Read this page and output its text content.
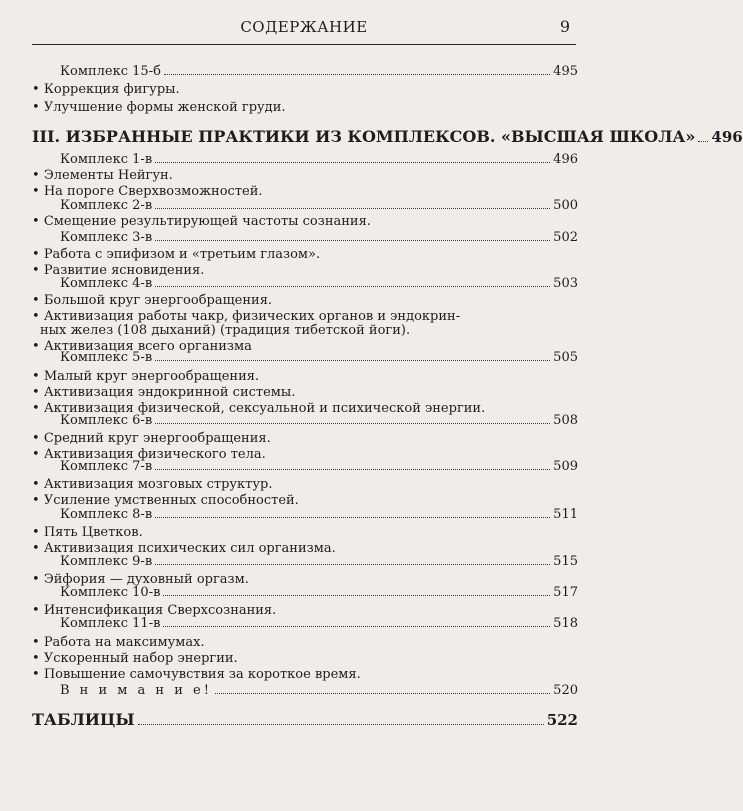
СОДЕРЖАНИЕ	9
Комплекс 15-б	495
• Коррекция фигуры.
• Улучшение формы женской груди.
III. ИЗБРАННЫЕ ПРАКТИКИ ИЗ КОМПЛЕКСОВ. «ВЫСШАЯ ШКОЛА» 496
Комплекс 1-в	496
• Элементы Нейгун.
• На пороге Сверхвозможностей.
Комплекс 2-в	500
• Смещение результирующей частоты сознания.
Комплекс 3-в	502
• Работа с эпифизом и «третьим глазом».
• Развитие ясновидения.
Комплекс 4-в	503
• Большой круг энергообращения.
• Активизация работы чакр, физических органов и эндокрин-
ных желез (108 дыханий) (традиция тибетской йоги).
• Активизация всего организма
Комплекс 5-в	505
• Малый круг энергообращения.
• Активизация эндокринной системы.
• Активизация физической, сексуальной и психической энергии.
Комплекс 6-в	508
• Средний круг энергообращения.
• Активизация физического тела.
Комплекс 7-в	509
• Активизация мозговых структур.
• Усиление умственных способностей.
Комплекс 8-в	511
• Пять Цветков.
• Активизация психических сил организма.
Комплекс 9-в	515
• Эйфория — духовный оргазм.
Комплекс 10-в	517
• Интенсификация Сверхсознания.
Комплекс 11-в	518
• Работа на максимумах.
• Ускоренный набор энергии.
• Повышение самочувствия за короткое время.
В н и м а н и е!	520
ТАБЛИЦЫ	522
